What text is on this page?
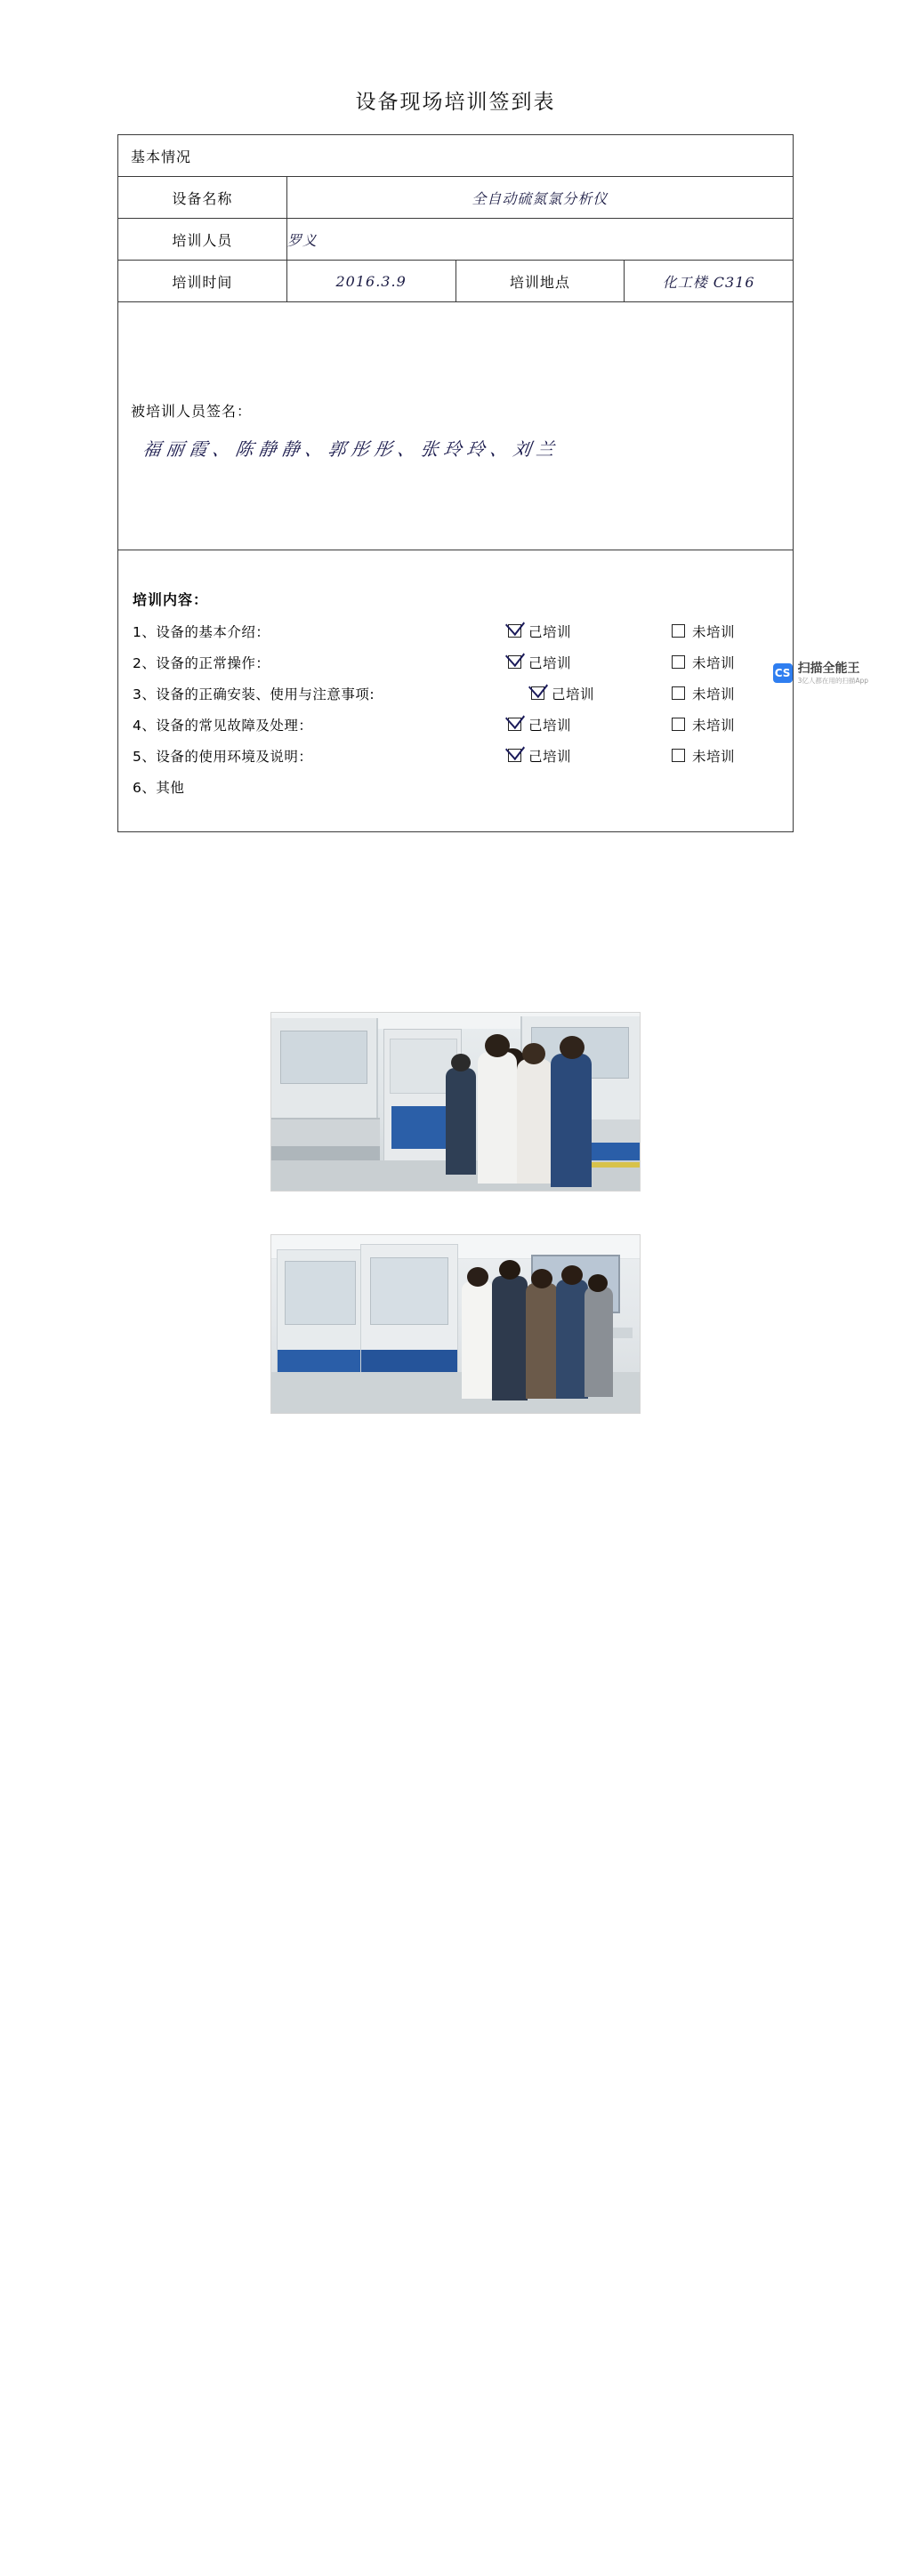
设备现场培训签到表
基本情况			
设备名称	全自动硫氮氯分析仪		
培训人员	罗义		
培训时间	2016.3.9	培训地点	化工楼 C316

被培训人员签名：
福丽霞、陈静静、郭彤彤、张玲玲、刘兰			

培训内容：
1、设备的基本介绍：	己培训	未培训
2、设备的正常操作：	己培训	未培训
3、设备的正确安装、使用与注意事项:	己培训	未培训
4、设备的常见故障及处理：	己培训	未培训
5、设备的使用环境及说明：	己培训	未培训
6、其他
CS 扫描全能王
3亿人都在用的扫描App
